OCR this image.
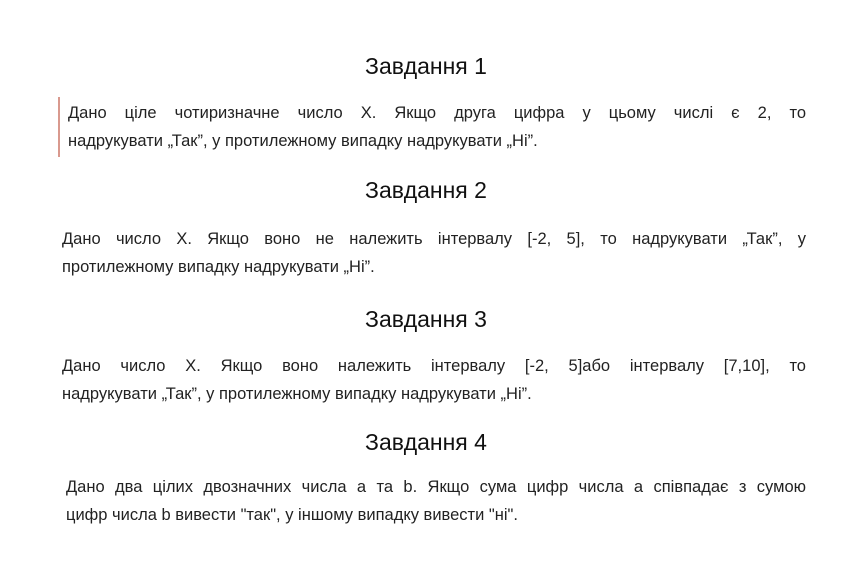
Завдання 1
Дано ціле чотиризначне число Х. Якщо друга цифра у цьому числі є 2, то
надрукувати „Так”, у протилежному випадку надрукувати „Ні”.
Завдання 2
Дано число Х. Якщо воно не належить інтервалу [-2, 5], то надрукувати „Так”, у
протилежному випадку надрукувати „Ні”.
Завдання 3
Дано число Х. Якщо воно належить інтервалу [-2, 5]або інтервалу [7,10], то
надрукувати „Так”, у протилежному випадку надрукувати „Ні”.
Завдання 4
Дано два цілих двозначних числа a та b. Якщо сума цифр числа a співпадає з сумою
цифр числа b вивести "так", у іншому випадку вивести "ні".
